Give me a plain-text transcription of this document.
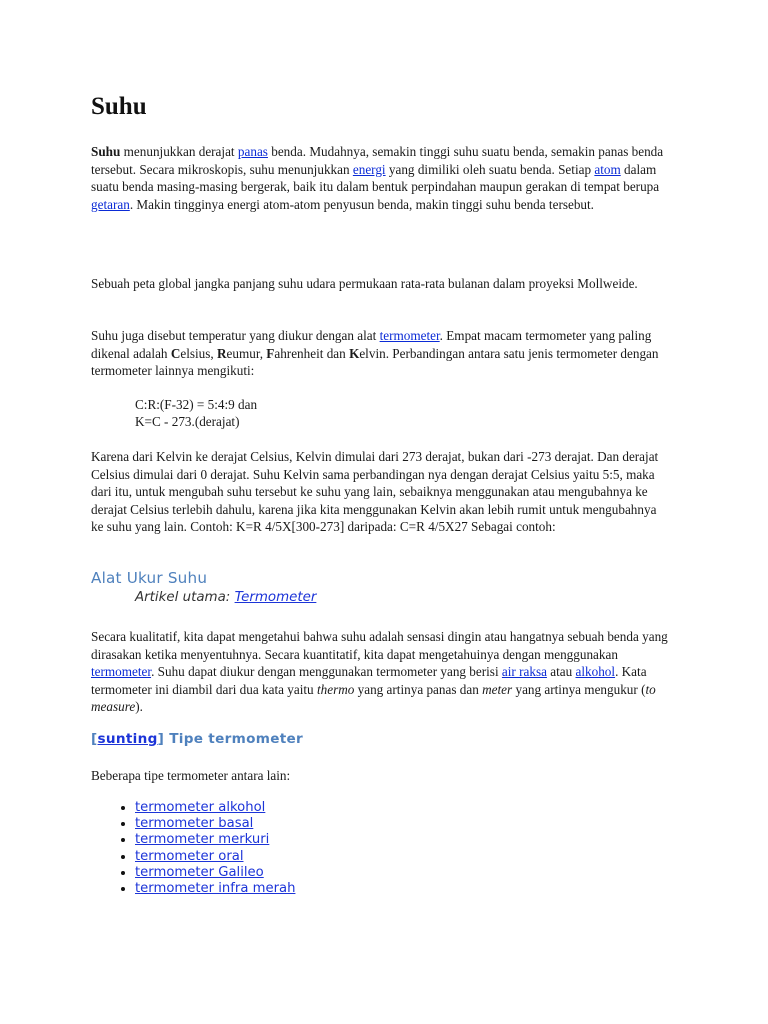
Suhu
Suhu menunjukkan derajat panas benda. Mudahnya, semakin tinggi suhu suatu benda, semakin panas benda tersebut. Secara mikroskopis, suhu menunjukkan energi yang dimiliki oleh suatu benda. Setiap atom dalam suatu benda masing-masing bergerak, baik itu dalam bentuk perpindahan maupun gerakan di tempat berupa getaran. Makin tingginya energi atom-atom penyusun benda, makin tinggi suhu benda tersebut.
Sebuah peta global jangka panjang suhu udara permukaan rata-rata bulanan dalam proyeksi Mollweide.
Suhu juga disebut temperatur yang diukur dengan alat termometer. Empat macam termometer yang paling dikenal adalah Celsius, Reumur, Fahrenheit dan Kelvin. Perbandingan antara satu jenis termometer dengan termometer lainnya mengikuti:
C:R:(F-32) = 5:4:9 dan
K=C - 273.(derajat)
Karena dari Kelvin ke derajat Celsius, Kelvin dimulai dari 273 derajat, bukan dari -273 derajat. Dan derajat Celsius dimulai dari 0 derajat. Suhu Kelvin sama perbandingan nya dengan derajat Celsius yaitu 5:5, maka dari itu, untuk mengubah suhu tersebut ke suhu yang lain, sebaiknya menggunakan atau mengubahnya ke derajat Celsius terlebih dahulu, karena jika kita menggunakan Kelvin akan lebih rumit untuk mengubahnya ke suhu yang lain. Contoh: K=R 4/5X[300-273] daripada: C=R 4/5X27 Sebagai contoh:
Alat Ukur Suhu
Artikel utama: Termometer
Secara kualitatif, kita dapat mengetahui bahwa suhu adalah sensasi dingin atau hangatnya sebuah benda yang dirasakan ketika menyentuhnya. Secara kuantitatif, kita dapat mengetahuinya dengan menggunakan termometer. Suhu dapat diukur dengan menggunakan termometer yang berisi air raksa atau alkohol. Kata termometer ini diambil dari dua kata yaitu thermo yang artinya panas dan meter yang artinya mengukur (to measure).
[sunting] Tipe termometer
Beberapa tipe termometer antara lain:
• termometer alkohol
• termometer basal
• termometer merkuri
• termometer oral
• termometer Galileo
• termometer infra merah
